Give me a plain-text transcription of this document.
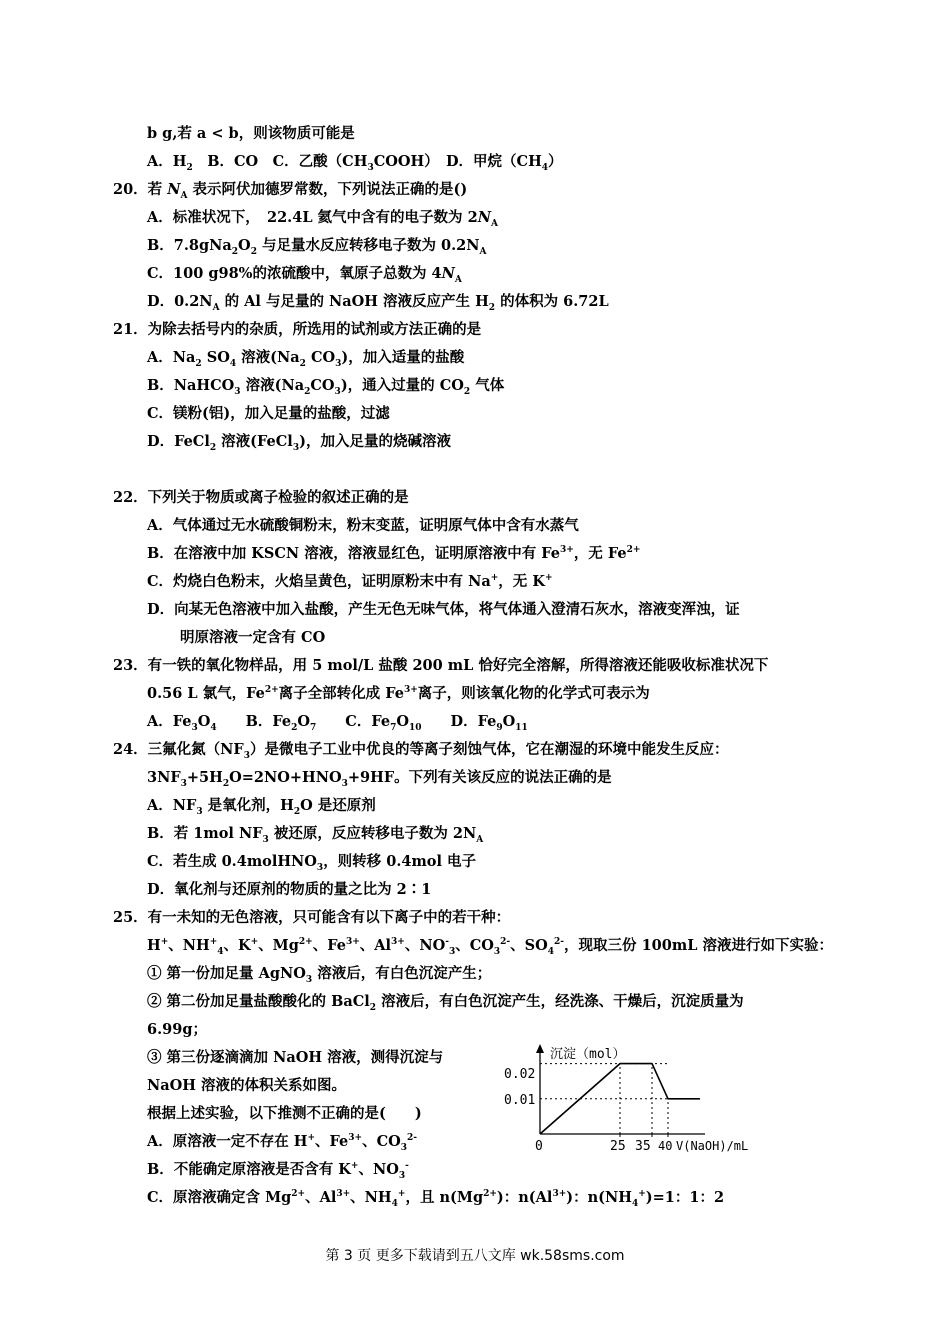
b g,若 a < b，则该物质可能是
A．$H_2$　B．CO　C．乙酸$(CH_3COOH)$　D．甲烷$(CH_4)$
20．若 $N_A$ 表示阿伏加德罗常数，下列说法正确的是()
A．标准状况下，　22.4L 氦气中含有的电子数为 $2N_A$
B．$7.8gNa_2O_2$ 与足量水反应转移电子数为 $0.2N_A$
C．100 g98%的浓硫酸中，氧原子总数为 $4N_A$
D．$0.2N_A$ 的 Al 与足量的 NaOH 溶液反应产生 $H_2$ 的体积为 6.72L
21．为除去括号内的杂质，所选用的试剂或方法正确的是
A．$Na_2$ $SO_4$ 溶液($Na_2$ $CO_3$)，加入适量的盐酸
B．NaHCO$_3$ 溶液$(Na_2CO_3)$，通入过量的 $CO_2$ 气体
C．镁粉(铝)，加入足量的盐酸，过滤
D．FeCl$_2$ 溶液(FeCl$_3$)，加入足量的烧碱溶液
22．下列关于物质或离子检验的叙述正确的是
A．气体通过无水硫酸铜粉末，粉末变蓝，证明原气体中含有水蒸气
B．在溶液中加 KSCN 溶液，溶液显红色，证明原溶液中有 $Fe^{3+}$，无 $Fe^{2+}$
C．灼烧白色粉末，火焰呈黄色，证明原粉末中有 Na+，无 K+
D．向某无色溶液中加入盐酸，产生无色无味气体，将气体通入澄清石灰水，溶液变浑浊，证
明原溶液一定含有 CO
23．有一铁的氧化物样品，用 5 mol/L 盐酸 200 mL 恰好完全溶解，所得溶液还能吸收标准状况下
0.56 L 氯气，$Fe^{2+}$离子全部转化成 $Fe^{3+}$离子，则该氧化物的化学式可表示为
A．$Fe_3O_4$　　B．$Fe_2O_7$　　C．$Fe_7O_{10}$　　D．$Fe_9O_{11}$
24．三氟化氮$(NF_3)$是微电子工业中优良的等离子刻蚀气体，它在潮湿的环境中能发生反应：
$3NF_3+5H_2O=2NO+HNO_3+9HF$。下列有关该反应的说法正确的是
A．$NF_3$ 是氧化剂，$H_2O$ 是还原剂
B．若 1mol $NF_3$ 被还原，反应转移电子数为 $2N_A$
C．若生成 0.4molHNO$_3$，则转移 0.4mol 电子
D．氧化剂与还原剂的物质的量之比为 2∶1
25．有一未知的无色溶液，只可能含有以下离子中的若干种：
H+、$NH^+_4$、K+、$Mg^{2+}$、$Fe^{3+}$、$Al^{3+}$、$NO^-_3$、$CO_3^{2-}$、$SO_4^{2-}$，现取三份 100mL 溶液进行如下实验：
① 第一份加足量 AgNO$_3$ 溶液后，有白色沉淀产生；
② 第二份加足量盐酸酸化的 BaCl$_2$ 溶液后，有白色沉淀产生，经洗涤、干燥后，沉淀质量为
6.99g；
③ 第三份逐滴滴加 NaOH 溶液，测得沉淀与
NaOH 溶液的体积关系如图。
根据上述实验，以下推测不正确的是(　　)
A．原溶液一定不存在 H+、$Fe^{3+}$、$CO_3^{2-}$
B．不能确定原溶液是否含有 K+、$NO_3^-$
C．原溶液确定含 $Mg^{2+}$、$Al^{3+}$、$NH_4^+$，且 $n(Mg^{2+})$：$n(Al^{3+})$：$n(NH_4^+)=1$：1：2
沉淀（mol）
V(NaOH)/mL
0
0.02
0.01
25 35 40
第 3 页 更多下载请到五八文库 wk.58sms.com
